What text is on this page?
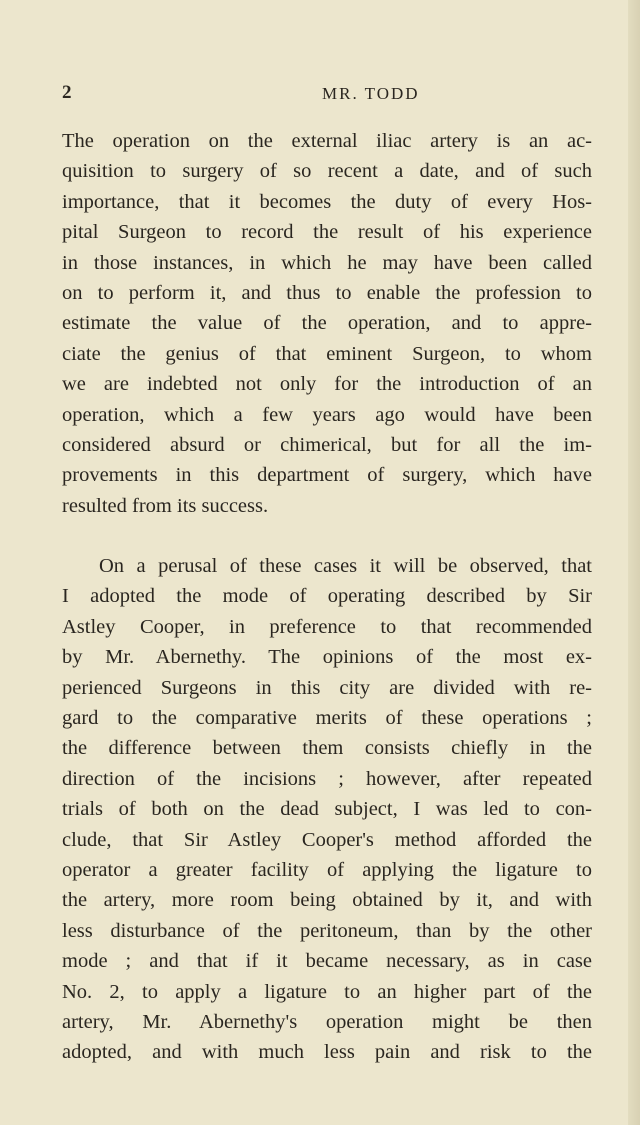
2	MR. TODD
The operation on the external iliac artery is an ac-
quisition to surgery of so recent a date, and of such
importance, that it becomes the duty of every Hos-
pital Surgeon to record the result of his experience
in those instances, in which he may have been called
on to perform it, and thus to enable the profession to
estimate the value of the operation, and to appre-
ciate the genius of that eminent Surgeon, to whom
we are indebted not only for the introduction of an
operation, which a few years ago would have been
considered absurd or chimerical, but for all the im-
provements in this department of surgery, which have
resulted from its success.
On a perusal of these cases it will be observed, that
I adopted the mode of operating described by Sir
Astley Cooper, in preference to that recommended
by Mr. Abernethy. The opinions of the most ex-
perienced Surgeons in this city are divided with re-
gard to the comparative merits of these operations ;
the difference between them consists chiefly in the
direction of the incisions ; however, after repeated
trials of both on the dead subject, I was led to con-
clude, that Sir Astley Cooper's method afforded the
operator a greater facility of applying the ligature to
the artery, more room being obtained by it, and with
less disturbance of the peritoneum, than by the other
mode ; and that if it became necessary, as in case
No. 2, to apply a ligature to an higher part of the
artery, Mr. Abernethy's operation might be then
adopted, and with much less pain and risk to the
